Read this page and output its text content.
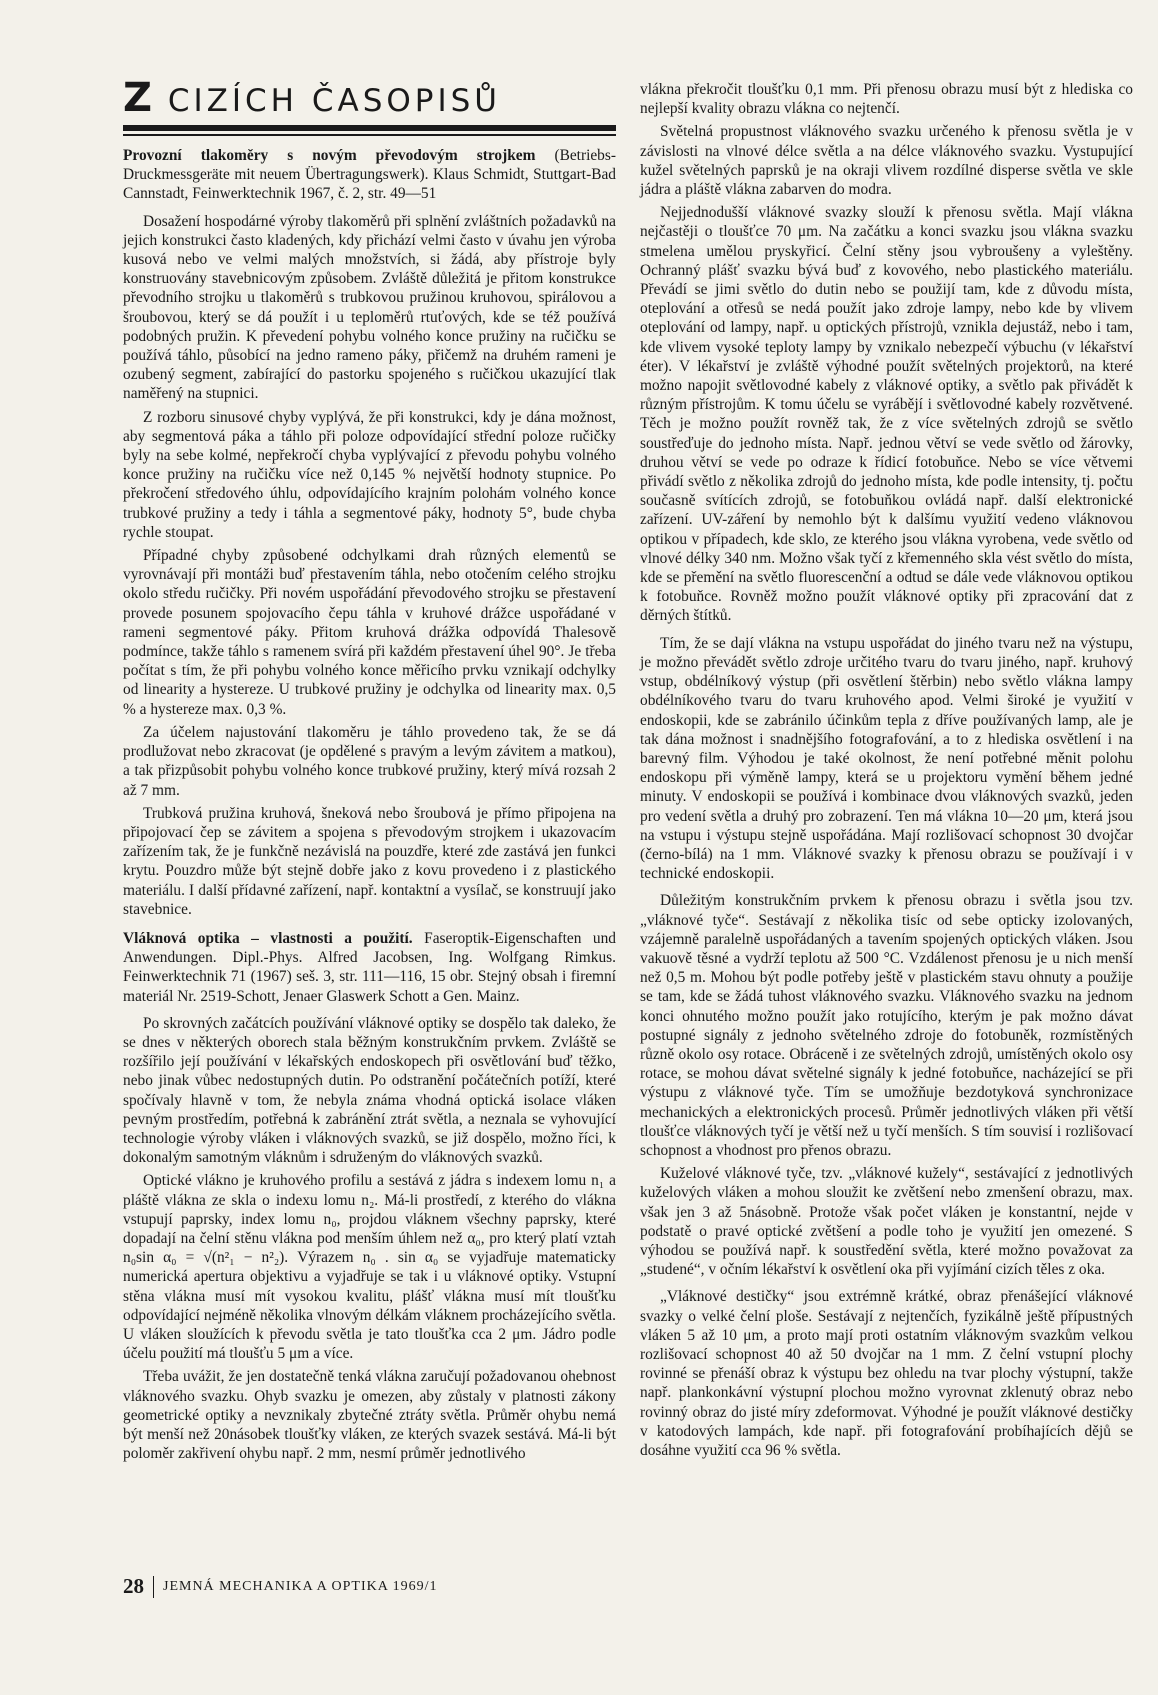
Z CIZÍCH ČASOPISŮ

Provozní tlakoměry s novým převodovým strojkem (Betriebs-Druckmessgeräte mit neuem Übertragungswerk). Klaus Schmidt, Stuttgart-Bad Cannstadt, Feinwerktechnik 1967, č. 2, str. 49—51

Dosažení hospodárné výroby tlakoměrů při splnění zvláštních požadavků na jejich konstrukci často kladených, kdy přichází velmi často v úvahu jen výroba kusová nebo ve velmi malých množstvích, si žádá, aby přístroje byly konstruovány stavebnicovým způsobem. Zvláště důležitá je přitom konstrukce převodního strojku u tlakoměrů s trubkovou pružinou kruhovou, spirálovou a šroubovou, který se dá použít i u teploměrů rtuťových, kde se též používá podobných pružin. K převedení pohybu volného konce pružiny na ručičku se používá táhlo, působící na jedno rameno páky, přičemž na druhém rameni je ozubený segment, zabírající do pastorku spojeného s ručičkou ukazující tlak naměřený na stupnici.

Z rozboru sinusové chyby vyplývá, že při konstrukci, kdy je dána možnost, aby segmentová páka a táhlo při poloze odpovídající střední poloze ručičky byly na sebe kolmé, nepřekročí chyba vyplývající z převodu pohybu volného konce pružiny na ručičku více než 0,145 % největší hodnoty stupnice. Po překročení středového úhlu, odpovídajícího krajním polohám volného konce trubkové pružiny a tedy i táhla a segmentové páky, hodnoty 5°, bude chyba rychle stoupat.

Případné chyby způsobené odchylkami drah různých elementů se vyrovnávají při montáži buď přestavením táhla, nebo otočením celého strojku okolo středu ručičky. Při novém uspořádání převodového strojku se přestavení provede posunem spojovacího čepu táhla v kruhové drážce uspořádané v rameni segmentové páky. Přitom kruhová drážka odpovídá Thalesově podmínce, takže táhlo s ramenem svírá při každém přestavení úhel 90°. Je třeba počítat s tím, že při pohybu volného konce měřicího prvku vznikají odchylky od linearity a hystereze. U trubkové pružiny je odchylka od linearity max. 0,5 % a hystereze max. 0,3 %.

Za účelem najustování tlakoměru je táhlo provedeno tak, že se dá prodlužovat nebo zkracovat (je opdělené s pravým a levým závitem a matkou), a tak přizpůsobit pohybu volného konce trubkové pružiny, který mívá rozsah 2 až 7 mm.

Trubková pružina kruhová, šneková nebo šroubová je přímo připojena na připojovací čep se závitem a spojena s převodovým strojkem i ukazovacím zařízením tak, že je funkčně nezávislá na pouzdře, které zde zastává jen funkci krytu. Pouzdro může být stejně dobře jako z kovu provedeno i z plastického materiálu. I další přídavné zařízení, např. kontaktní a vysílač, se konstruují jako stavebnice.

Vláknová optika – vlastnosti a použití. Faseroptik-Eigenschaften und Anwendungen. Dipl.-Phys. Alfred Jacobsen, Ing. Wolfgang Rimkus. Feinwerktechnik 71 (1967) seš. 3, str. 111—116, 15 obr. Stejný obsah i firemní materiál Nr. 2519-Schott, Jenaer Glaswerk Schott a Gen. Mainz.

Po skrovných začátcích používání vláknové optiky se dospělo tak daleko, že se dnes v některých oborech stala běžným konstrukčním prvkem. Zvláště se rozšířilo její používání v lékařských endoskopech při osvětlování buď těžko, nebo jinak vůbec nedostupných dutin. Po odstranění počátečních potíží, které spočívaly hlavně v tom, že nebyla známa vhodná optická isolace vláken pevným prostředím, potřebná k zabránění ztrát světla, a neznala se vyhovující technologie výroby vláken i vláknových svazků, se již dospělo, možno říci, k dokonalým samotným vláknům i sdruženým do vláknových svazků.

Optické vlákno je kruhového profilu a sestává z jádra s indexem lomu n₁ a pláště vlákna ze skla o indexu lomu n₂. Má-li prostředí, z kterého do vlákna vstupují paprsky, index lomu n₀, projdou vláknem všechny paprsky, které dopadají na čelní stěnu vlákna pod menším úhlem než α₀, pro který platí vztah n₀sin α₀ = √(n²₁ − n²₂). Výrazem n₀ . sin α₀ se vyjadřuje matematicky numerická apertura objektivu a vyjadřuje se tak i u vláknové optiky. Vstupní stěna vlákna musí mít vysokou kvalitu, plášť vlákna musí mít tloušťku odpovídající nejméně několika vlnovým délkám vláknem procházejícího světla. U vláken sloužících k převodu světla je tato tloušťka cca 2 μm. Jádro podle účelu použití má tloušťu 5 μm a více.

Třeba uvážit, že jen dostatečně tenká vlákna zaručují požadovanou ohebnost vláknového svazku. Ohyb svazku je omezen, aby zůstaly v platnosti zákony geometrické optiky a nevznikaly zbytečné ztráty světla. Průměr ohybu nemá být menší než 20násobek tloušťky vláken, ze kterých svazek sestává. Má-li být poloměr zakřivení ohybu např. 2 mm, nesmí průměr jednotlivého

vlákna překročit tloušťku 0,1 mm. Při přenosu obrazu musí být z hlediska co nejlepší kvality obrazu vlákna co nejtenčí.

Světelná propustnost vláknového svazku určeného k přenosu světla je v závislosti na vlnové délce světla a na délce vláknového svazku. Vystupující kužel světelných paprsků je na okraji vlivem rozdílné disperse světla ve skle jádra a pláště vlákna zabarven do modra.

Nejjednodušší vláknové svazky slouží k přenosu světla. Mají vlákna nejčastěji o tloušťce 70 μm. Na začátku a konci svazku jsou vlákna svazku stmelena umělou pryskyřicí. Čelní stěny jsou vybroušeny a vyleštěny. Ochranný plášť svazku bývá buď z kovového, nebo plastického materiálu. Převádí se jimi světlo do dutin nebo se použijí tam, kde z důvodu místa, oteplování a otřesů se nedá použít jako zdroje lampy, nebo kde by vlivem oteplování od lampy, např. u optických přístrojů, vznikla dejustáž, nebo i tam, kde vlivem vysoké teploty lampy by vznikalo nebezpečí výbuchu (v lékařství éter). V lékařství je zvláště výhodné použít světelných projektorů, na které možno napojit světlovodné kabely z vláknové optiky, a světlo pak přivádět k různým přístrojům. K tomu účelu se vyrábějí i světlovodné kabely rozvětvené. Těch je možno použít rovněž tak, že z více světelných zdrojů se světlo soustřeďuje do jednoho místa. Např. jednou větví se vede světlo od žárovky, druhou větví se vede po odraze k řídicí fotobuňce. Nebo se více větvemi přivádí světlo z několika zdrojů do jednoho místa, kde podle intensity, tj. počtu současně svítících zdrojů, se fotobuňkou ovládá např. další elektronické zařízení. UV-záření by nemohlo být k dalšímu využití vedeno vláknovou optikou v případech, kde sklo, ze kterého jsou vlákna vyrobena, vede světlo od vlnové délky 340 nm. Možno však tyčí z křemenného skla vést světlo do místa, kde se přemění na světlo fluorescenční a odtud se dále vede vláknovou optikou k fotobuňce. Rovněž možno použít vláknové optiky při zpracování dat z děrných štítků.

Tím, že se dají vlákna na vstupu uspořádat do jiného tvaru než na výstupu, je možno převádět světlo zdroje určitého tvaru do tvaru jiného, např. kruhový vstup, obdélníkový výstup (při osvětlení štěrbin) nebo světlo vlákna lampy obdélníkového tvaru do tvaru kruhového apod. Velmi široké je využití v endoskopii, kde se zabránilo účinkům tepla z dříve používaných lamp, ale je tak dána možnost i snadnějšího fotografování, a to z hlediska osvětlení i na barevný film. Výhodou je také okolnost, že není potřebné měnit polohu endoskopu při výměně lampy, která se u projektoru vymění během jedné minuty. V endoskopii se používá i kombinace dvou vláknových svazků, jeden pro vedení světla a druhý pro zobrazení. Ten má vlákna 10—20 μm, která jsou na vstupu i výstupu stejně uspořádána. Mají rozlišovací schopnost 30 dvojčar (černo-bílá) na 1 mm. Vláknové svazky k přenosu obrazu se používají i v technické endoskopii.

Důležitým konstrukčním prvkem k přenosu obrazu i světla jsou tzv. „vláknové tyče“. Sestávají z několika tisíc od sebe opticky izolovaných, vzájemně paralelně uspořádaných a tavením spojených optických vláken. Jsou vakuově těsné a vydrží teplotu až 500 °C. Vzdálenost přenosu je u nich menší než 0,5 m. Mohou být podle potřeby ještě v plastickém stavu ohnuty a použije se tam, kde se žádá tuhost vláknového svazku. Vláknového svazku na jednom konci ohnutého možno použít jako rotujícího, kterým je pak možno dávat postupné signály z jednoho světelného zdroje do fotobuněk, rozmístěných různě okolo osy rotace. Obráceně i ze světelných zdrojů, umístěných okolo osy rotace, se mohou dávat světelné signály k jedné fotobuňce, nacházející se při výstupu z vláknové tyče. Tím se umožňuje bezdotyková synchronizace mechanických a elektronických procesů. Průměr jednotlivých vláken při větší tloušťce vláknových tyčí je větší než u tyčí menších. S tím souvisí i rozlišovací schopnost a vhodnost pro přenos obrazu.

Kuželové vláknové tyče, tzv. „vláknové kužely“, sestávající z jednotlivých kuželových vláken a mohou sloužit ke zvětšení nebo zmenšení obrazu, max. však jen 3 až 5násobně. Protože však počet vláken je konstantní, nejde v podstatě o pravé optické zvětšení a podle toho je využití jen omezené. S výhodou se používá např. k soustředění světla, které možno považovat za „studené“, v očním lékařství k osvětlení oka při vyjímání cizích těles z oka.

„Vláknové destičky“ jsou extrémně krátké, obraz přenášející vláknové svazky o velké čelní ploše. Sestávají z nejtenčích, fyzikálně ještě přípustných vláken 5 až 10 μm, a proto mají proti ostatním vláknovým svazkům velkou rozlišovací schopnost 40 až 50 dvojčar na 1 mm. Z čelní vstupní plochy rovinné se přenáší obraz k výstupu bez ohledu na tvar plochy výstupní, takže např. plankonkávní výstupní plochou možno vyrovnat zklenutý obraz nebo rovinný obraz do jisté míry zdeformovat. Výhodné je použít vláknové destičky v katodových lampách, kde např. při fotografování probíhajících dějů se dosáhne využití cca 96 % světla.

28 JEMNÁ MECHANIKA A OPTIKA 1969/1
